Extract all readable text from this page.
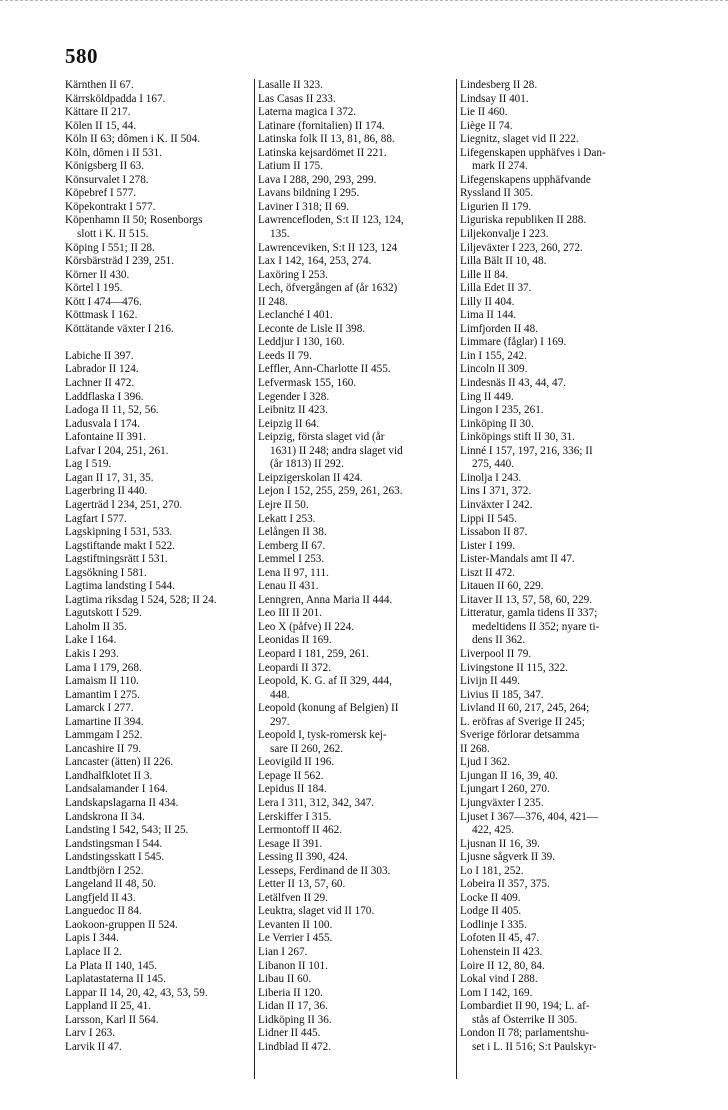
580
Kärnthen II 67.
Kärrsköldpadda I 167.
Kättare II 217.
Kölen II 15, 44.
Köln II 63; dômen i K. II 504.
Köln, dômen i II 531.
Königsberg II 63.
Könsurvalet I 278.
Köpebref I 577.
Köpekontrakt I 577.
Köpenhamn II 50; Rosenborgs
slott i K. II 515.
Köping I 551; II 28.
Körsbärsträd I 239, 251.
Körner II 430.
Körtel I 195.
Kött I 474—476.
Köttmask I 162.
Köttätande växter I 216.
Labiche II 397.
Labrador II 124.
Lachner II 472.
Laddflaska I 396.
Ladoga II 11, 52, 56.
Ladusvala I 174.
Lafontaine II 391.
Lafvar I 204, 251, 261.
Lag I 519.
Lagan II 17, 31, 35.
Lagerbring II 440.
Lagerträd I 234, 251, 270.
Lagfart I 577.
Lagskipning I 531, 533.
Lagstiftande makt I 522.
Lagstiftningsrätt I 531.
Lagsökning I 581.
Lagtima landsting I 544.
Lagtima riksdag I 524, 528; II 24.
Lagutskott I 529.
Laholm II 35.
Lake I 164.
Lakis I 293.
Lama I 179, 268.
Lamaism II 110.
Lamantim I 275.
Lamarck I 277.
Lamartine II 394.
Lammgam I 252.
Lancashire II 79.
Lancaster (ätten) II 226.
Landhalfklotet II 3.
Landsalamander I 164.
Landskapslagarna II 434.
Landskrona II 34.
Landsting I 542, 543; II 25.
Landstingsman I 544.
Landstingsskatt I 545.
Landtbjörn I 252.
Langeland II 48, 50.
Langfjeld II 43.
Languedoc II 84.
Laokoon-gruppen II 524.
Lapis I 344.
Laplace II 2.
La Plata II 140, 145.
Laplatastaterna II 145.
Lappar II 14, 20, 42, 43, 53, 59.
Lappland II 25, 41.
Larsson, Karl II 564.
Larv I 263.
Larvik II 47.
Lasalle II 323.
Las Casas II 233.
Laterna magica I 372.
Latinare (fornitalien) II 174.
Latinska folk II 13, 81, 86, 88.
Latinska kejsardömet II 221.
Latium II 175.
Lava I 288, 290, 293, 299.
Lavans bildning I 295.
Laviner I 318; II 69.
Lawrencefloden, S:t II 123, 124,
135.
Lawrenceviken, S:t II 123, 124
Lax I 142, 164, 253, 274.
Laxöring I 253.
Lech, öfvergången af (år 1632)
II 248.
Leclanché I 401.
Leconte de Lisle II 398.
Leddjur I 130, 160.
Leeds II 79.
Leffler, Ann-Charlotte II 455.
Lefvermask 155, 160.
Legender I 328.
Leibnitz II 423.
Leipzig II 64.
Leipzig, första slaget vid (år
1631) II 248; andra slaget vid
(år 1813) II 292.
Leipzigerskolan II 424.
Lejon I 152, 255, 259, 261, 263.
Lejre II 50.
Lekatt I 253.
Lelången II 38.
Lemberg II 67.
Lemmel I 253.
Lena II 97, 111.
Lenau II 431.
Lenngren, Anna Maria II 444.
Leo III II 201.
Leo X (påfve) II 224.
Leonidas II 169.
Leopard I 181, 259, 261.
Leopardi II 372.
Leopold, K. G. af II 329, 444,
448.
Leopold (konung af Belgien) II
297.
Leopold I, tysk-romersk kej-
sare II 260, 262.
Leovigild II 196.
Lepage II 562.
Lepidus II 184.
Lera I 311, 312, 342, 347.
Lerskiffer I 315.
Lermontoff II 462.
Lesage II 391.
Lessing II 390, 424.
Lesseps, Ferdinand de II 303.
Letter II 13, 57, 60.
Letälfven II 29.
Leuktra, slaget vid II 170.
Levanten II 100.
Le Verrier I 455.
Lian I 267.
Libanon II 101.
Libau II 60.
Liberia II 120.
Lidan II 17, 36.
Lidköping II 36.
Lidner II 445.
Lindblad II 472.
Lindesberg II 28.
Lindsay II 401.
Lie II 460.
Liège II 74.
Liegnitz, slaget vid II 222.
Lifegenskapen upphäfves i Dan-
mark II 274.
Lifegenskapens upphäfvande
Ryssland II 305.
Ligurien II 179.
Liguriska republiken II 288.
Liljekonvalje I 223.
Liljeväxter I 223, 260, 272.
Lilla Bält II 10, 48.
Lille II 84.
Lilla Edet II 37.
Lilly II 404.
Lima II 144.
Limfjorden II 48.
Limmare (fåglar) I 169.
Lin I 155, 242.
Lincoln II 309.
Lindesnäs II 43, 44, 47.
Ling II 449.
Lingon I 235, 261.
Linköping II 30.
Linköpings stift II 30, 31.
Linné I 157, 197, 216, 336; II
275, 440.
Linolja I 243.
Lins I 371, 372.
Linväxter I 242.
Lippi II 545.
Lissabon II 87.
Lister I 199.
Lister-Mandals amt II 47.
Liszt II 472.
Litauen II 60, 229.
Litaver II 13, 57, 58, 60, 229.
Litteratur, gamla tidens II 337;
medeltidens II 352; nyare ti-
dens II 362.
Liverpool II 79.
Livingstone II 115, 322.
Livijn II 449.
Livius II 185, 347.
Livland II 60, 217, 245, 264;
L. eröfras af Sverige II 245;
Sverige förlorar detsamma
II 268.
Ljud I 362.
Ljungan II 16, 39, 40.
Ljungart I 260, 270.
Ljungväxter I 235.
Ljuset I 367—376, 404, 421—
422, 425.
Ljusnan II 16, 39.
Ljusne sågverk II 39.
Lo I 181, 252.
Lobeira II 357, 375.
Locke II 409.
Lodge II 405.
Lodlinje I 335.
Lofoten II 45, 47.
Lohenstein II 423.
Loire II 12, 80, 84.
Lokal vind I 288.
Lom I 142, 169.
Lombardiet II 90, 194; L. af-
stås af Österrike II 305.
London II 78; parlamentshu-
set i L. II 516; S:t Paulskyr-
